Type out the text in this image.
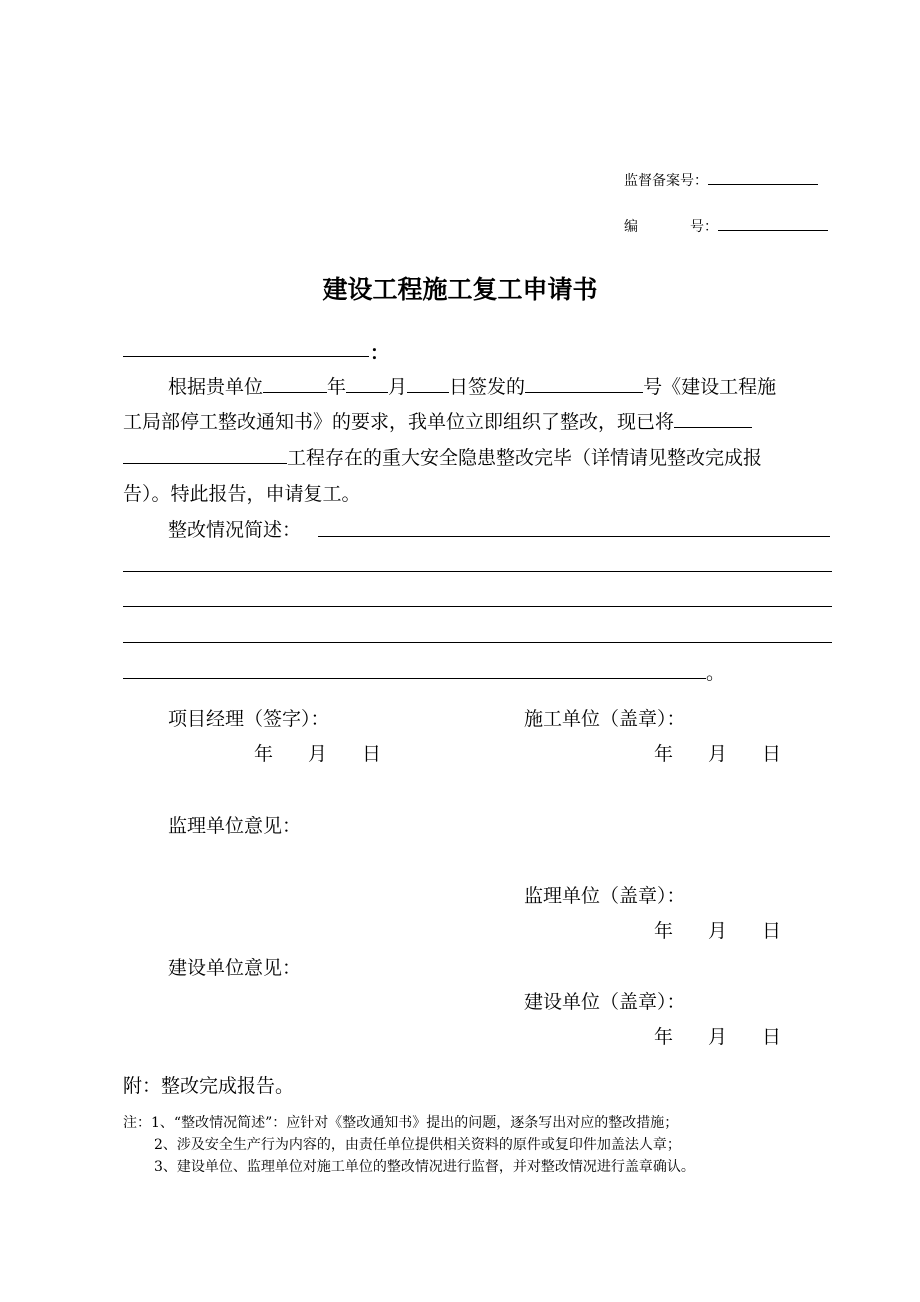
监督备案号：
编	号：
建设工程施工复工申请书
：
根据贵单位	年 月 日签发的	号《建设工程施
工局部停工整改通知书》的要求，我单位立即组织了整改，现已将
工程存在的重大安全隐患整改完毕（详情请见整改完成报
告）。特此报告，申请复工。
整改情况简述：
。
项目经理（签字）：	施工单位（盖章）：
年 月 日	年 月 日
监理单位意见：
监理单位（盖章）：
年 月 日
建设单位意见：
建设单位（盖章）：
年 月 日
附：整改完成报告。
注：1、“整改情况简述”：应针对《整改通知书》提出的问题，逐条写出对应的整改措施；
2、涉及安全生产行为内容的，由责任单位提供相关资料的原件或复印件加盖法人章；
3、建设单位、监理单位对施工单位的整改情况进行监督，并对整改情况进行盖章确认。
